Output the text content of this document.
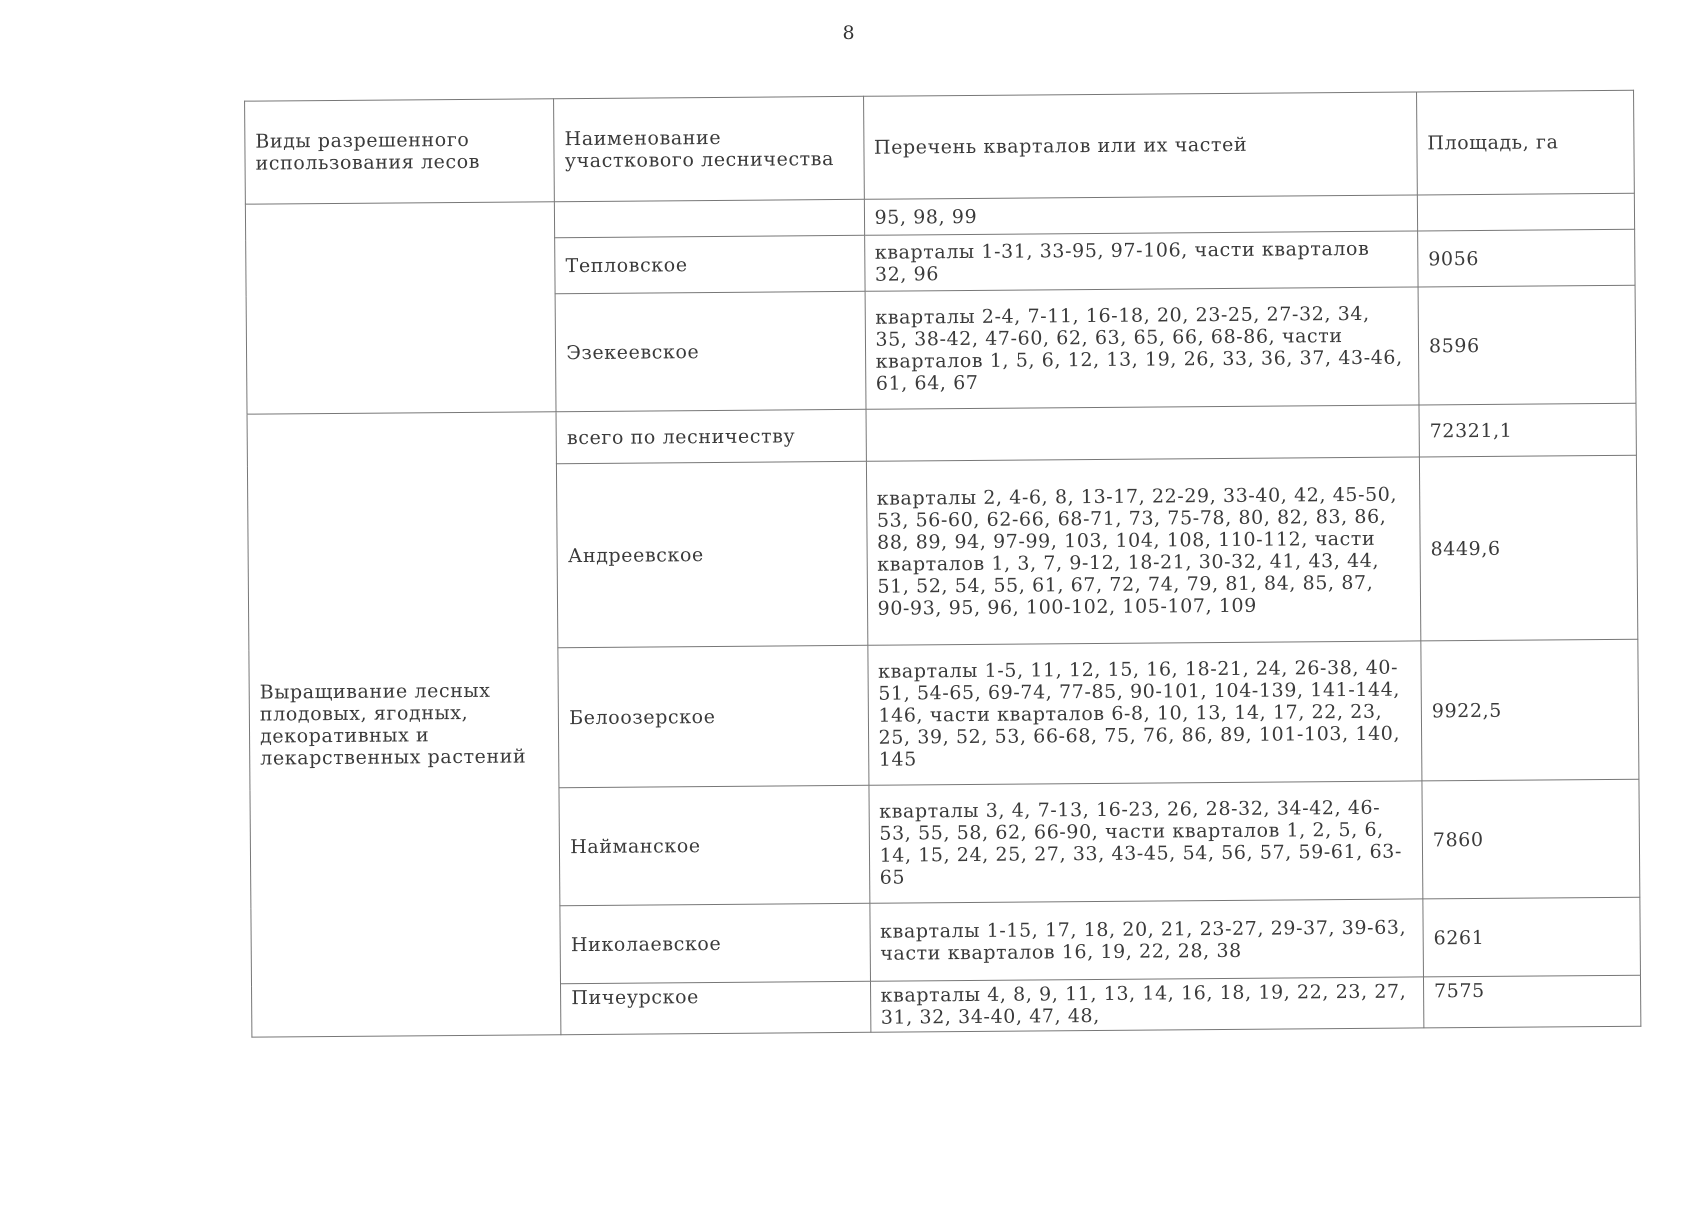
8
Виды разрешенного использования лесов	Наименование участкового лесничества	Перечень кварталов или их частей	Площадь, га
		95, 98, 99	
	Тепловское	кварталы 1-31, 33-95, 97-106, части кварталов 32, 96	9056
	Эзекеевское	кварталы 2-4, 7-11, 16-18, 20, 23-25, 27-32, 34, 35, 38-42, 47-60, 62, 63, 65, 66, 68-86, части кварталов 1, 5, 6, 12, 13, 19, 26, 33, 36, 37, 43-46, 61, 64, 67	8596
Выращивание лесных плодовых, ягодных, декоративных и лекарственных растений	всего по лесничеству		72321,1
	Андреевское	кварталы 2, 4-6, 8, 13-17, 22-29, 33-40, 42, 45-50, 53, 56-60, 62-66, 68-71, 73, 75-78, 80, 82, 83, 86, 88, 89, 94, 97-99, 103, 104, 108, 110-112, части кварталов 1, 3, 7, 9-12, 18-21, 30-32, 41, 43, 44, 51, 52, 54, 55, 61, 67, 72, 74, 79, 81, 84, 85, 87, 90-93, 95, 96, 100-102, 105-107, 109	8449,6
	Белоозерское	кварталы 1-5, 11, 12, 15, 16, 18-21, 24, 26-38, 40-51, 54-65, 69-74, 77-85, 90-101, 104-139, 141-144, 146, части кварталов 6-8, 10, 13, 14, 17, 22, 23, 25, 39, 52, 53, 66-68, 75, 76, 86, 89, 101-103, 140, 145	9922,5
	Найманское	кварталы 3, 4, 7-13, 16-23, 26, 28-32, 34-42, 46-53, 55, 58, 62, 66-90, части кварталов 1, 2, 5, 6, 14, 15, 24, 25, 27, 33, 43-45, 54, 56, 57, 59-61, 63-65	7860
	Николаевское	кварталы 1-15, 17, 18, 20, 21, 23-27, 29-37, 39-63, части кварталов 16, 19, 22, 28, 38	6261
	Пичеурское	кварталы 4, 8, 9, 11, 13, 14, 16, 18, 19, 22, 23, 27, 31, 32, 34-40, 47, 48,	7575
